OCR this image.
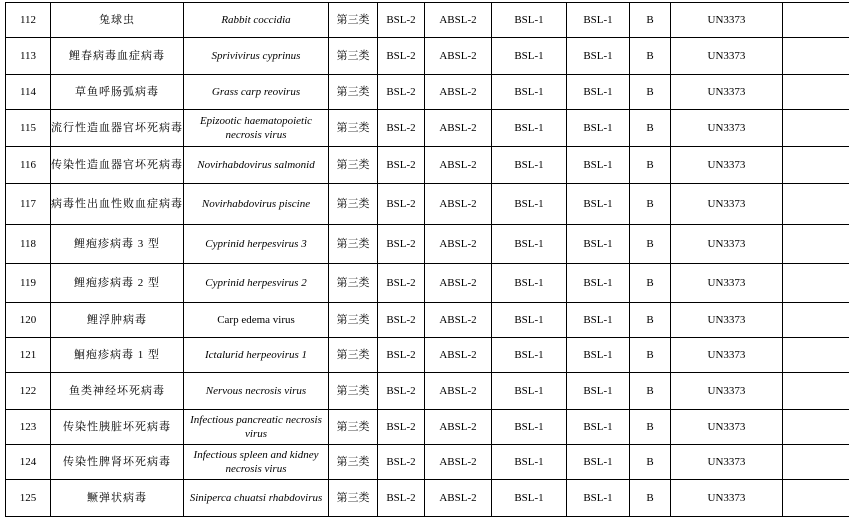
112	兔球虫	Rabbit coccidia	第三类	BSL-2	ABSL-2	BSL-1	BSL-1	B	UN3373	
113	鲤春病毒血症病毒	Sprivivirus cyprinus	第三类	BSL-2	ABSL-2	BSL-1	BSL-1	B	UN3373	
114	草鱼呼肠弧病毒	Grass carp reovirus	第三类	BSL-2	ABSL-2	BSL-1	BSL-1	B	UN3373	
115	流行性造血器官坏死病毒	Epizootic haematopoietic necrosis virus	第三类	BSL-2	ABSL-2	BSL-1	BSL-1	B	UN3373	
116	传染性造血器官坏死病毒	Novirhabdovirus salmonid	第三类	BSL-2	ABSL-2	BSL-1	BSL-1	B	UN3373	
117	病毒性出血性败血症病毒	Novirhabdovirus piscine	第三类	BSL-2	ABSL-2	BSL-1	BSL-1	B	UN3373	
118	鲤疱疹病毒 3 型	Cyprinid herpesvirus 3	第三类	BSL-2	ABSL-2	BSL-1	BSL-1	B	UN3373	
119	鲤疱疹病毒 2 型	Cyprinid herpesvirus 2	第三类	BSL-2	ABSL-2	BSL-1	BSL-1	B	UN3373	
120	鲤浮肿病毒	Carp edema virus	第三类	BSL-2	ABSL-2	BSL-1	BSL-1	B	UN3373	
121	鮰疱疹病毒 1 型	Ictalurid herpeovirus 1	第三类	BSL-2	ABSL-2	BSL-1	BSL-1	B	UN3373	
122	鱼类神经坏死病毒	Nervous necrosis virus	第三类	BSL-2	ABSL-2	BSL-1	BSL-1	B	UN3373	
123	传染性胰脏坏死病毒	Infectious pancreatic necrosis virus	第三类	BSL-2	ABSL-2	BSL-1	BSL-1	B	UN3373	
124	传染性脾肾坏死病毒	Infectious spleen and kidney necrosis virus	第三类	BSL-2	ABSL-2	BSL-1	BSL-1	B	UN3373	
125	鳜弹状病毒	Siniperca chuatsi rhabdovirus	第三类	BSL-2	ABSL-2	BSL-1	BSL-1	B	UN3373	
